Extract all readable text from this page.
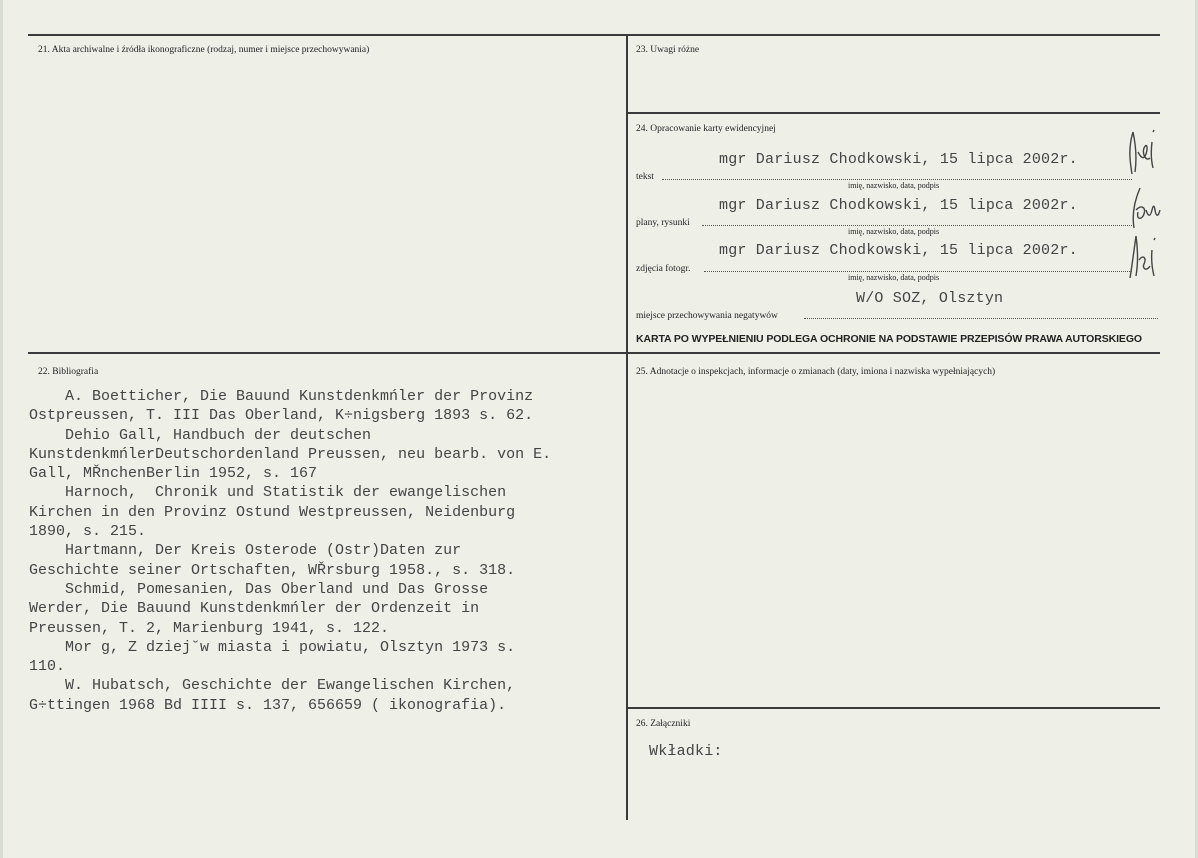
21. Akta archiwalne i źródła ikonograficzne (rodzaj, numer i miejsce przechowywania)	23. Uwagi różne
24. Opracowanie karty ewidencyjnej
mgr Dariusz Chodkowski, 15 lipca 2002r.
tekst
imię, nazwisko, data, podpis
mgr Dariusz Chodkowski, 15 lipca 2002r.
plany, rysunki
imię, nazwisko, data, podpis
mgr Dariusz Chodkowski, 15 lipca 2002r.
zdjęcia fotogr.
imię, nazwisko, data, podpis
W/O SOZ, Olsztyn
miejsce przechowywania negatywów
KARTA PO WYPEŁNIENIU PODLEGA OCHRONIE NA PODSTAWIE PRZEPISÓW PRAWA AUTORSKIEGO
22. Bibliografia
A. Boetticher, Die Bauund Kunstdenkmńler der Provinz
Ostpreussen, T. III Das Oberland, K÷nigsberg 1893 s. 62.
Dehio Gall, Handbuch der deutschen
KunstdenkmńlerDeutschordenland Preussen, neu bearb. von E.
Gall, MŘnchenBerlin 1952, s. 167
Harnoch,  Chronik und Statistik der ewangelischen
Kirchen in den Provinz Ostund Westpreussen, Neidenburg
1890, s. 215.
Hartmann, Der Kreis Osterode (Ostr)Daten zur
Geschichte seiner Ortschaften, WŘrsburg 1958., s. 318.
Schmid, Pomesanien, Das Oberland und Das Grosse
Werder, Die Bauund Kunstdenkmńler der Ordenzeit in
Preussen, T. 2, Marienburg 1941, s. 122.
Mor g, Z dziej˘w miasta i powiatu, Olsztyn 1973 s.
110.
W. Hubatsch, Geschichte der Ewangelischen Kirchen,
G÷ttingen 1968 Bd IIII s. 137, 656659 ( ikonografia).
25. Adnotacje o inspekcjach, informacje o zmianach (daty, imiona i nazwiska wypełniających)
26. Załączniki
Wkładki:
